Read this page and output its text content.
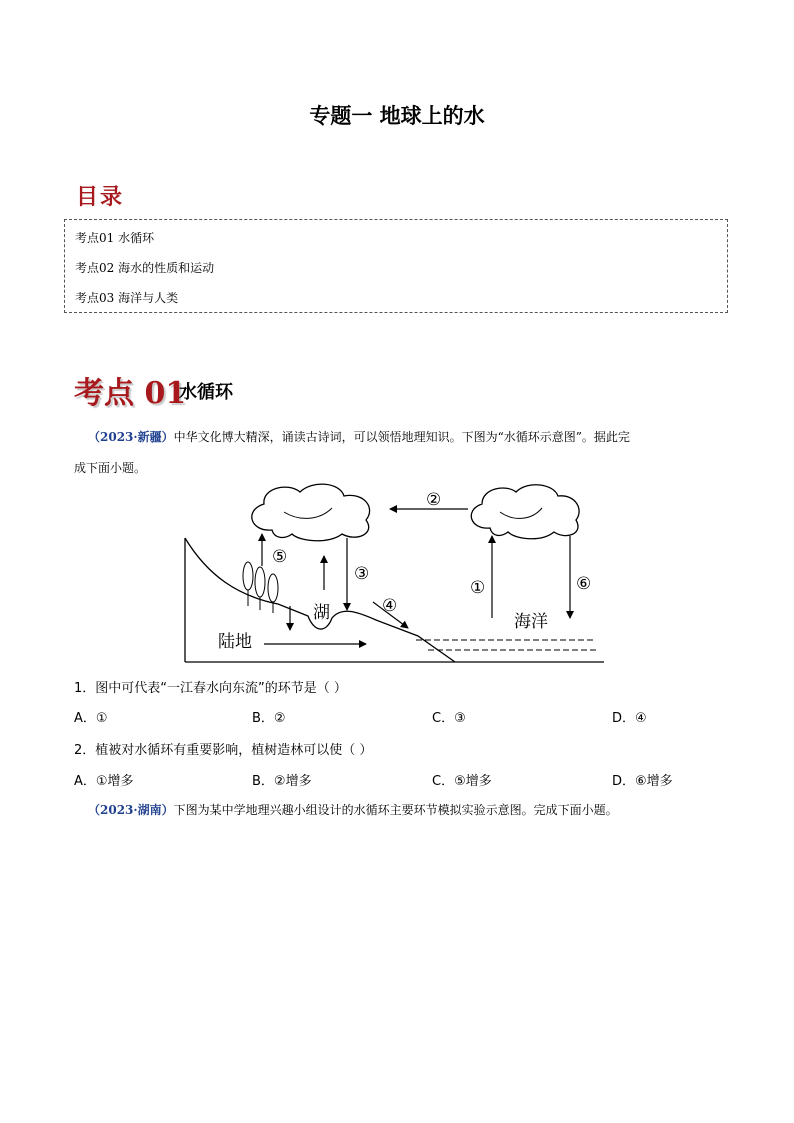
专题一 地球上的水
目录
考点01 水循环
考点02 海水的性质和运动
考点03 海洋与人类
考点 01
水循环
（2023·新疆）中华文化博大精深，诵读古诗词，可以领悟地理知识。下图为“水循环示意图”。据此完
成下面小题。
②
⑤
③
④
①	⑥
湖
陆地
海洋
1．图中可代表“一江春水向东流”的环节是（ ）
A．①	B．②	C．③	D．④
2．植被对水循环有重要影响，植树造林可以使（ ）
A．①增多	B．②增多	C．⑤增多	D．⑥增多
（2023·湖南）下图为某中学地理兴趣小组设计的水循环主要环节模拟实验示意图。完成下面小题。
